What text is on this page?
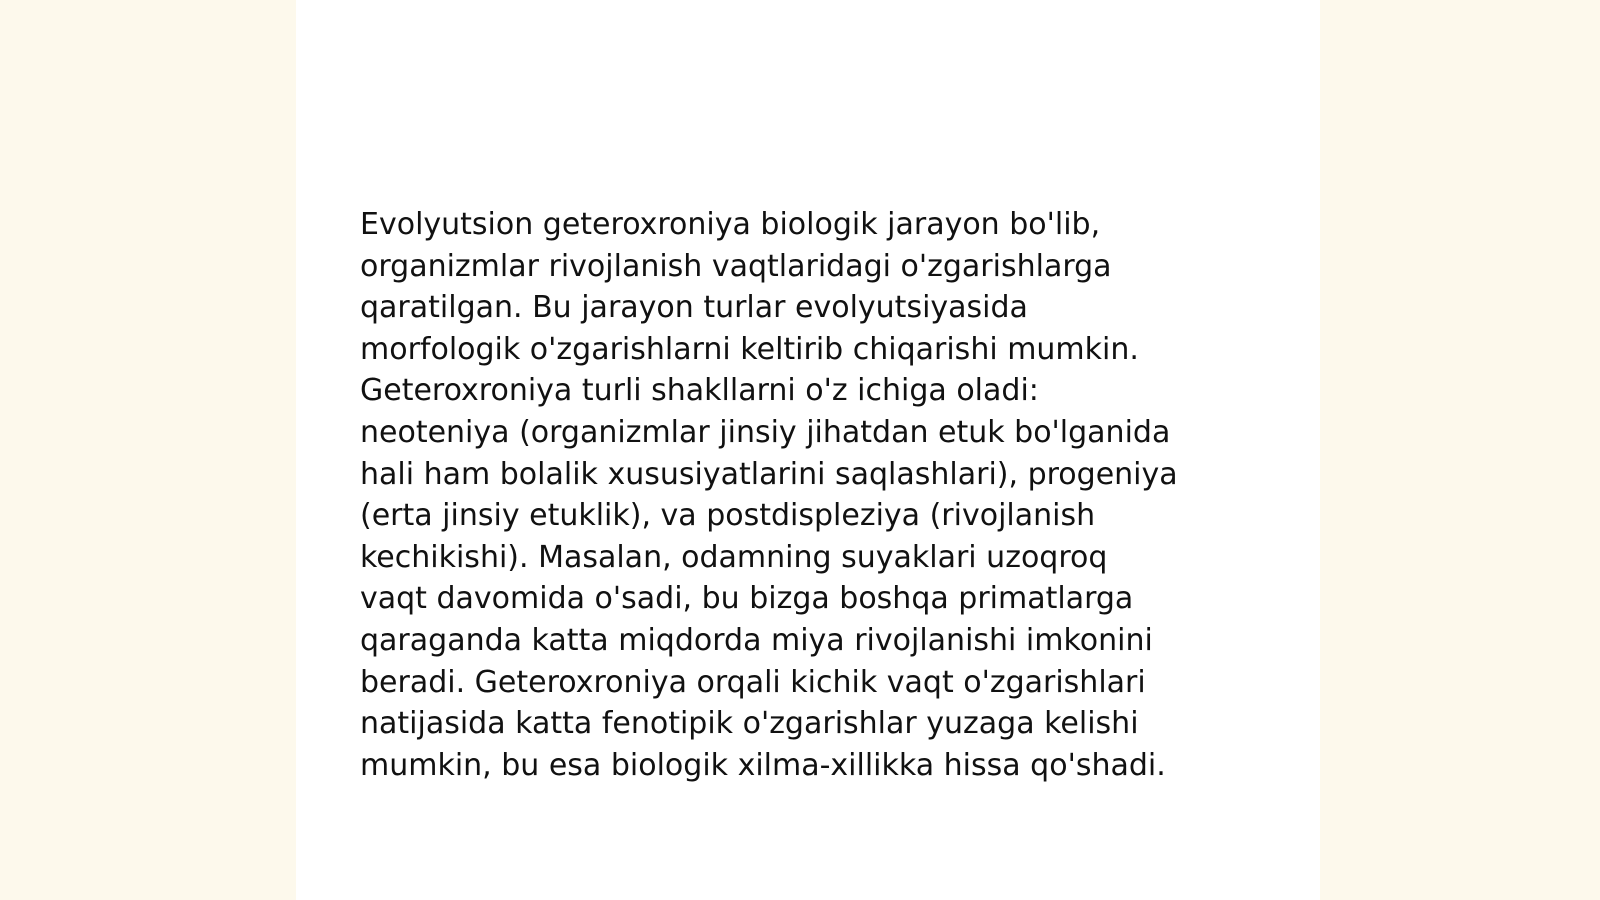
Evolyutsion geteroxroniya biologik jarayon bo'lib,
organizmlar rivojlanish vaqtlaridagi o'zgarishlarga
qaratilgan. Bu jarayon turlar evolyutsiyasida
morfologik o'zgarishlarni keltirib chiqarishi mumkin.
Geteroxroniya turli shakllarni o'z ichiga oladi:
neoteniya (organizmlar jinsiy jihatdan etuk bo'lganida
hali ham bolalik xususiyatlarini saqlashlari), progeniya
(erta jinsiy etuklik), va postdispleziya (rivojlanish
kechikishi). Masalan, odamning suyaklari uzoqroq
vaqt davomida o'sadi, bu bizga boshqa primatlarga
qaraganda katta miqdorda miya rivojlanishi imkonini
beradi. Geteroxroniya orqali kichik vaqt o'zgarishlari
natijasida katta fenotipik o'zgarishlar yuzaga kelishi
mumkin, bu esa biologik xilma-xillikka hissa qo'shadi.
